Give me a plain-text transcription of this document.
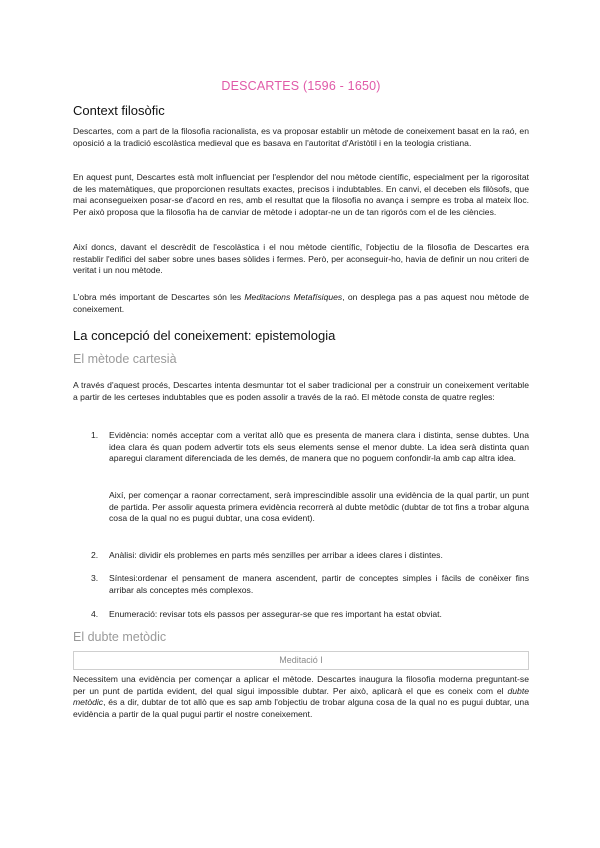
DESCARTES (1596 - 1650)
Context filosòfic
Descartes, com a part de la filosofia racionalista, es va proposar establir un mètode de coneixement basat en la raó, en oposició a la tradició escolàstica medieval que es basava en l'autoritat d'Aristòtil i en la teologia cristiana.
En aquest punt, Descartes està molt influenciat per l'esplendor del nou mètode científic, especialment per la rigorositat de les matemàtiques, que proporcionen resultats exactes, precisos i indubtables. En canvi, el deceben els filòsofs, que mai aconsegueixen posar-se d'acord en res, amb el resultat que la filosofia no avança i sempre es troba al mateix lloc. Per això proposa que la filosofia ha de canviar de mètode i adoptar-ne un de tan rigorós com el de les ciències.
Així doncs, davant el descrèdit de l'escolàstica i el nou mètode científic, l'objectiu de la filosofia de Descartes era restablir l'edifici del saber sobre unes bases sòlides i fermes. Però, per aconseguir-ho, havia de definir un nou criteri de veritat i un nou mètode.
L'obra més important de Descartes són les Meditacions Metafísiques, on desplega pas a pas aquest nou mètode de coneixement.
La concepció del coneixement: epistemologia
El mètode cartesià
A través d'aquest procés, Descartes intenta desmuntar tot el saber tradicional per a construir un coneixement veritable a partir de les certeses indubtables que es poden assolir a través de la raó. El mètode consta de quatre regles:
1.	Evidència: només acceptar com a veritat allò que es presenta de manera clara i distinta, sense dubtes. Una idea clara és quan podem advertir tots els seus elements sense el menor dubte. La idea serà distinta quan aparegui clarament diferenciada de les demés, de manera que no poguem confondir-la amb cap altra idea.
Així, per començar a raonar correctament, serà imprescindible assolir una evidència de la qual partir, un punt de partida. Per assolir aquesta primera evidència recorrerà al dubte metòdic (dubtar de tot fins a trobar alguna cosa de la qual no es pugui dubtar, una cosa evident).
2.	Anàlisi: dividir els problemes en parts més senzilles per arribar a idees clares i distintes.
3.	Síntesi:ordenar el pensament de manera ascendent, partir de conceptes simples i fàcils de conèixer fins arribar als conceptes més complexos.
4.	Enumeració: revisar tots els passos per assegurar-se que res important ha estat obviat.
El dubte metòdic
Meditació I
Necessitem una evidència per començar a aplicar el mètode. Descartes inaugura la filosofia moderna preguntant-se per un punt de partida evident, del qual sigui impossible dubtar. Per això, aplicarà el que es coneix com el dubte metòdic, és a dir, dubtar de tot allò que es sap amb l'objectiu de trobar alguna cosa de la qual no es pugui dubtar, una evidència a partir de la qual pugui partir el nostre coneixement.
